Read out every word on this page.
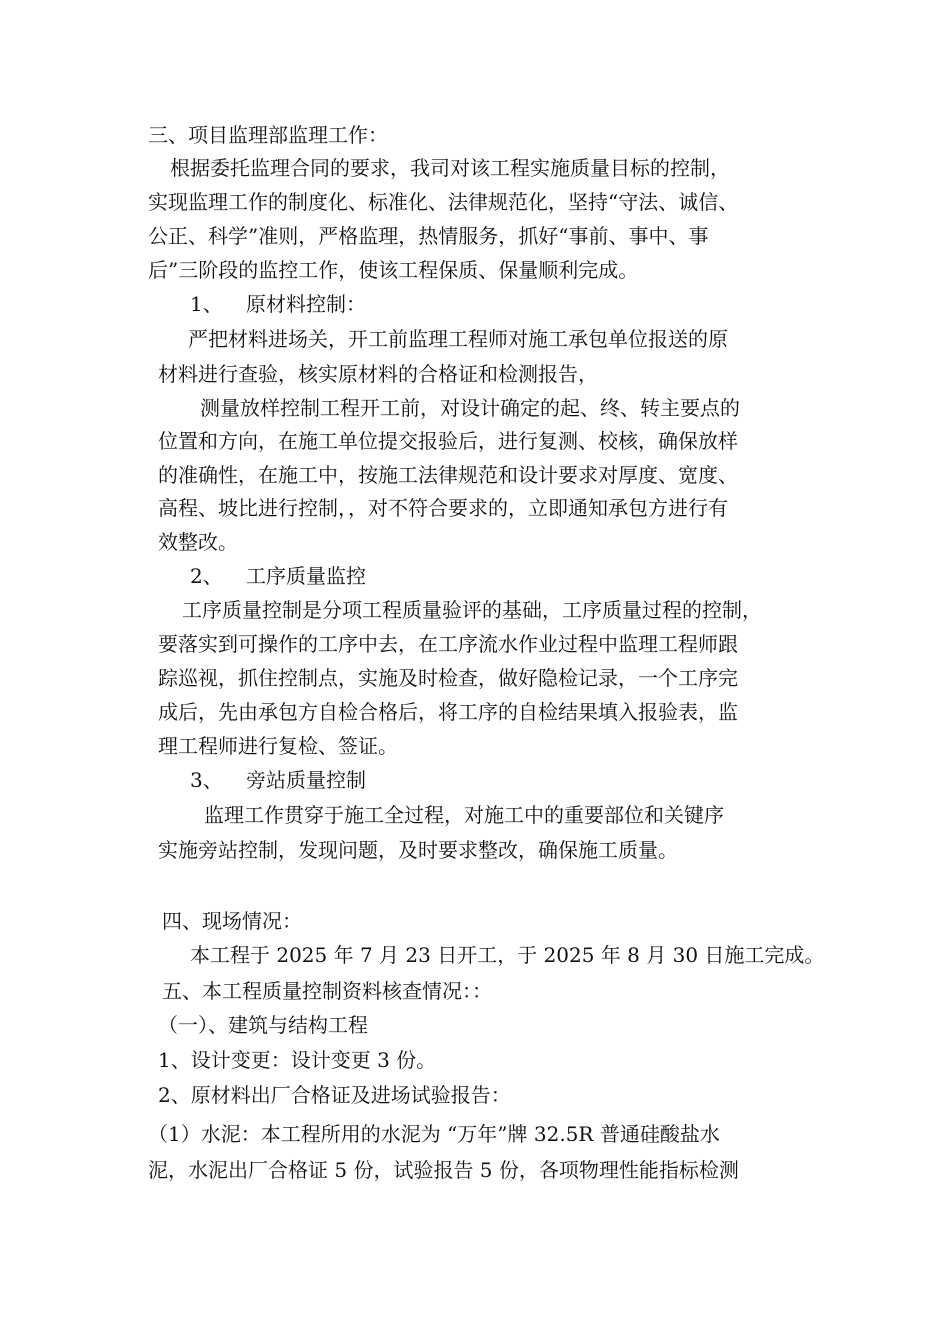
三、项目监理部监理工作：
根据委托监理合同的要求，我司对该工程实施质量目标的控制，
实现监理工作的制度化、标准化、法律规范化，坚持“守法、诚信、
公正、科学”准则，严格监理，热情服务，抓好“事前、事中、事
后”三阶段的监控工作，使该工程保质、保量顺利完成。
1、 原材料控制：
严把材料进场关，开工前监理工程师对施工承包单位报送的原
材料进行查验，核实原材料的合格证和检测报告，
测量放样控制工程开工前，对设计确定的起、终、转主要点的
位置和方向，在施工单位提交报验后，进行复测、校核，确保放样
的准确性，在施工中，按施工法律规范和设计要求对厚度、宽度、
高程、坡比进行控制，，对不符合要求的，立即通知承包方进行有
效整改。
2、 工序质量监控
工序质量控制是分项工程质量验评的基础，工序质量过程的控制，
要落实到可操作的工序中去，在工序流水作业过程中监理工程师跟
踪巡视，抓住控制点，实施及时检查，做好隐检记录，一个工序完
成后，先由承包方自检合格后，将工序的自检结果填入报验表，监
理工程师进行复检、签证。
3、 旁站质量控制
监理工作贯穿于施工全过程，对施工中的重要部位和关键序
实施旁站控制，发现问题，及时要求整改，确保施工质量。
四、现场情况：
本工程于 2025 年 7 月 23 日开工，于 2025 年 8 月 30 日施工完成。
五、本工程质量控制资料核查情况：：
（一）、建筑与结构工程
1、设计变更：设计变更 3 份。
2、原材料出厂合格证及进场试验报告：
（1）水泥：本工程所用的水泥为 “万年”牌 32.5R 普通硅酸盐水
泥，水泥出厂合格证 5 份，试验报告 5 份，各项物理性能指标检测
